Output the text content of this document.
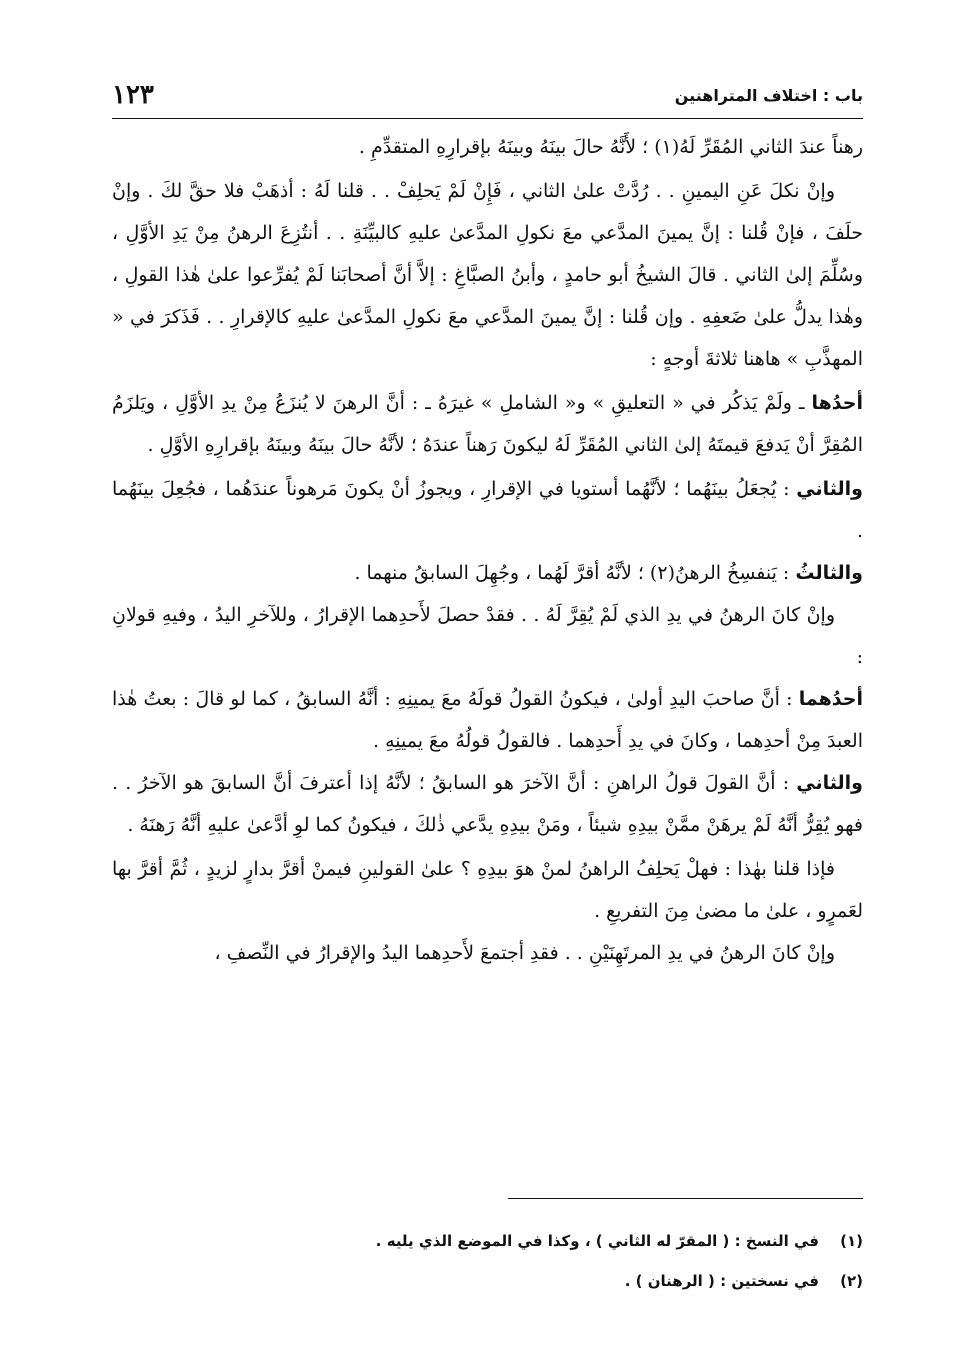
باب : اختلاف المتراهنين
١٢٣

رهناً عندَ الثاني المُقَرِّ لَهُ(١) ؛ لأَنَّهُ حالَ بينَهُ وبينَهُ بإقرارِهِ المتقدِّمِ .

وإنْ نكلَ عَنِ اليمينِ . . رُدَّتْ علىٰ الثاني ، فَإِنْ لَمْ يَحلِفْ . . قلنا لَهُ : أذهَبْ فلا حقَّ لكَ . وإنْ حلَفَ ، فإنْ قُلنا : إنَّ يمينَ المدَّعي معَ نكولِ المدَّعىٰ عليهِ كالبيِّنَةِ . . أنتُزِعَ الرهنُ مِنْ يَدِ الأوَّلِ ، وسُلِّمَ إلىٰ الثاني . قالَ الشيخُ أبو حامدٍ ، وأبنُ الصبَّاغِ : إلاَّ أنَّ أصحابَنا لَمْ يُفرِّعوا علىٰ هٰذا القولِ ، وهٰذا يدلُّ علىٰ ضَعفِهِ . وإن قُلنا : إنَّ يمينَ المدَّعي معَ نكولِ المدَّعىٰ عليهِ كالإقرارِ . . فَذَكرَ في « المهذَّبِ » هاهنا ثلاثةَ أوجهٍ :

أحدُها ـ ولَمْ يَذكُر في « التعليقِ » و« الشاملِ » غيرَهُ ـ : أنَّ الرهنَ لا يُنزَعُ مِنْ يدِ الأوَّلِ ، ويَلزَمُ المُقِرَّ أنْ يَدفعَ قيمتَهُ إلىٰ الثاني المُقَرِّ لَهُ ليكونَ رَهناً عندَهُ ؛ لأنَّهُ حالَ بينَهُ وبينَهُ بإقرارِهِ الأوَّلِ .

والثاني : يُجعَلُ بينَهُما ؛ لأنَّهُما أستويا في الإقرارِ ، ويجوزُ أنْ يكونَ مَرهوناً عندَهُما ، فجُعِلَ بينَهُما .

والثالثُ : يَنفسِخُ الرهنُ(٢) ؛ لأنَّهُ أقرَّ لَهُما ، وجُهِلَ السابقُ منهما .

وإنْ كانَ الرهنُ في يدِ الذي لَمْ يُقِرَّ لَهُ . . فقدْ حصلَ لأَحدِهما الإقرارُ ، وللآخرِ اليدُ ، وفيهِ قولانِ :

أحدُهما : أنَّ صاحبَ اليدِ أولىٰ ، فيكونُ القولُ قولَهُ معَ يمينِهِ : أنَّهُ السابقُ ، كما لو قالَ : بعتُ هٰذا العبدَ مِنْ أحدِهما ، وكانَ في يدِ أَحدِهما . فالقولُ قولُهُ معَ يمينِهِ .

والثاني : أنَّ القولَ قولُ الراهنِ : أنَّ الآخرَ هو السابقُ ؛ لأنَّهُ إذا أعترفَ أنَّ السابقَ هو الآخرُ . . فهو يُقِرُّ أنَّهُ لَمْ يرهَنْ ممَّنْ بيدِهِ شيئاً ، ومَنْ بيدِهِ يدَّعي ذٰلكَ ، فيكونُ كما لوِ أدَّعىٰ عليهِ أنَّهُ رَهنَهُ .

فإذا قلنا بهٰذا : فهلْ يَحلِفُ الراهنُ لمنْ هوَ بيدِهِ ؟ علىٰ القولينِ فيمنْ أقرَّ بدارٍ لزيدٍ ، ثُمَّ أقرَّ بها لعَمرٍو ، علىٰ ما مضىٰ مِنَ التفريعِ .

وإنْ كانَ الرهنُ في يدِ المرتَهِنَيْنِ . . فقدِ أجتمعَ لأَحدِهما اليدُ والإقرارُ في النِّصفِ ،

(١)
في النسخ : ( المقرّ له الثاني ) ، وكذا في الموضع الذي يليه .
(٢)
في نسختين : ( الرهنان ) .
